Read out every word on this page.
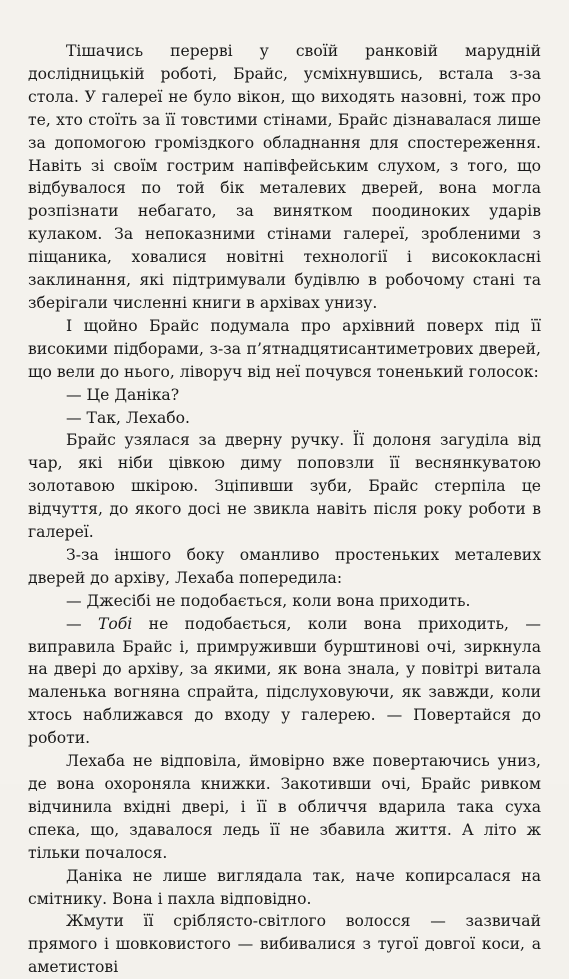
Тішачись перерві у своїй ранковій марудній дослідницькій роботі, Брайс, усміхнувшись, встала з-за стола. У галереї не було вікон, що виходять назовні, тож про те, хто стоїть за її товстими стінами, Брайс дізнавалася лише за допомогою громіздкого обладнання для спостереження. Навіть зі своїм гострим напівфейським слухом, з того, що відбувалося по той бік металевих дверей, вона могла розпізнати небагато, за винятком поодиноких ударів кулаком. За непоказними стінами галереї, зробленими з піщаника, ховалися новітні технології і висококласні заклинання, які підтримували будівлю в робочому стані та зберігали численні книги в архівах унизу.

І щойно Брайс подумала про архівний поверх під її високими підборами, з-за п’ятнадцятисантиметрових дверей, що вели до нього, ліворуч від неї почувся тоненький голосок:

— Це Даніка?

— Так, Лехабо.

Брайс узялася за дверну ручку. Її долоня загуділа від чар, які ніби цівкою диму поповзли її веснянкуватою золотавою шкірою. Зціпивши зуби, Брайс стерпіла це відчуття, до якого досі не звикла навіть після року роботи в галереї.

З-за іншого боку оманливо простеньких металевих дверей до архіву, Лехаба попередила:

— Джесібі не подобається, коли вона приходить.

— Тобі не подобається, коли вона приходить, — виправила Брайс і, примруживши бурштинові очі, зиркнула на двері до архіву, за якими, як вона знала, у повітрі витала маленька вогняна спрайта, підслуховуючи, як завжди, коли хтось наближався до входу у галерею. — Повертайся до роботи.

Лехаба не відповіла, ймовірно вже повертаючись униз, де вона охороняла книжки. Закотивши очі, Брайс ривком відчинила вхідні двері, і її в обличчя вдарила така суха спека, що, здавалося ледь її не збавила життя. А літо ж тільки почалося.

Даніка не лише виглядала так, наче копирсалася на смітнику. Вона і пахла відповідно.

Жмути її сріблясто-світлого волосся — зазвичай прямого і шовковистого — вибивалися з тугої довгої коси, а аметистові
